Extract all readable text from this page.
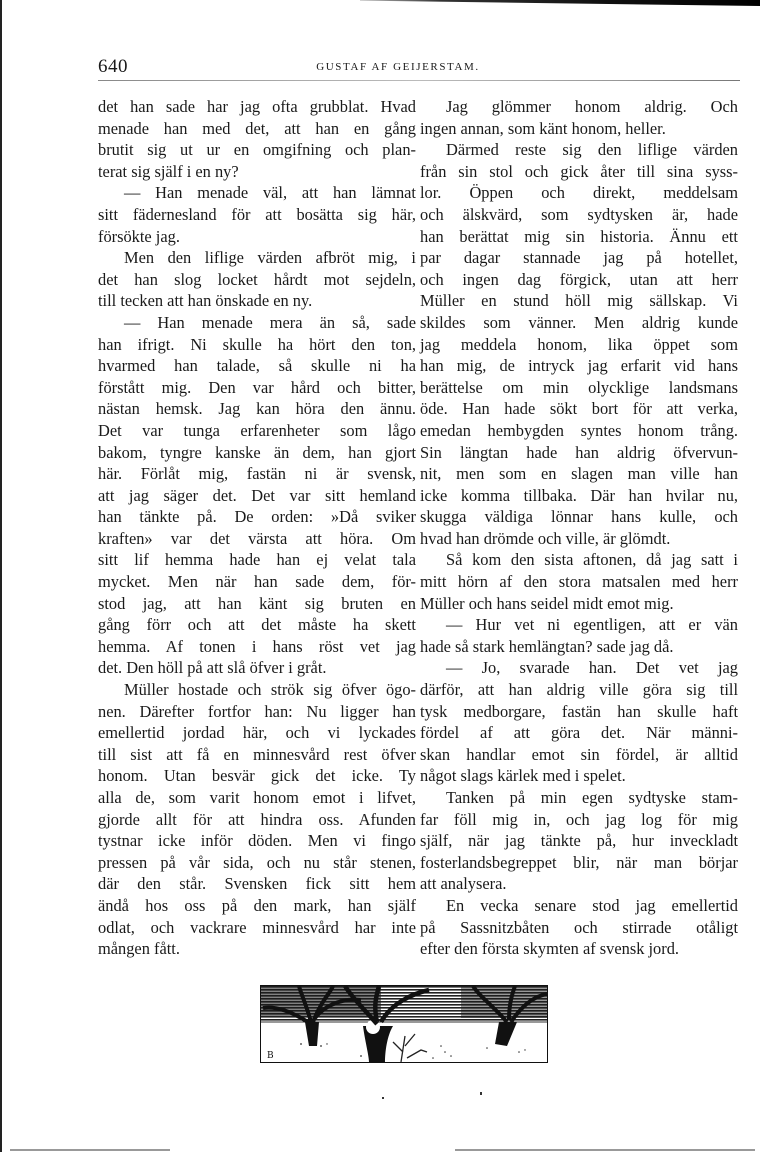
640	GUSTAF AF GEIJERSTAM.
det han sade har jag ofta grubblat. Hvad
menade han med det, att han en gång
brutit sig ut ur en omgifning och plan-
terat sig själf i en ny?
— Han menade väl, att han lämnat
sitt fädernesland för att bosätta sig här,
försökte jag.
Men den liflige värden afbröt mig, i
det han slog locket hårdt mot sejdeln,
till tecken att han önskade en ny.
— Han menade mera än så, sade
han ifrigt. Ni skulle ha hört den ton,
hvarmed han talade, så skulle ni ha
förstått mig. Den var hård och bitter,
nästan hemsk. Jag kan höra den ännu.
Det var tunga erfarenheter som lågo
bakom, tyngre kanske än dem, han gjort
här. Förlåt mig, fastän ni är svensk,
att jag säger det. Det var sitt hemland
han tänkte på. De orden: »Då sviker
kraften» var det värsta att höra. Om
sitt lif hemma hade han ej velat tala
mycket. Men när han sade dem, för-
stod jag, att han känt sig bruten en
gång förr och att det måste ha skett
hemma. Af tonen i hans röst vet jag
det. Den höll på att slå öfver i gråt.
Müller hostade och strök sig öfver ögo-
nen. Därefter fortfor han: Nu ligger han
emellertid jordad här, och vi lyckades
till sist att få en minnesvård rest öfver
honom. Utan besvär gick det icke. Ty
alla de, som varit honom emot i lifvet,
gjorde allt för att hindra oss. Afunden
tystnar icke inför döden. Men vi fingo
pressen på vår sida, och nu står stenen,
där den står. Svensken fick sitt hem
ändå hos oss på den mark, han själf
odlat, och vackrare minnesvård har inte
mången fått.
Jag glömmer honom aldrig. Och
ingen annan, som känt honom, heller.
Därmed reste sig den liflige värden
från sin stol och gick åter till sina syss-
lor. Öppen och direkt, meddelsam
och älskvärd, som sydtysken är, hade
han berättat mig sin historia. Ännu ett
par dagar stannade jag på hotellet,
och ingen dag förgick, utan att herr
Müller en stund höll mig sällskap. Vi
skildes som vänner. Men aldrig kunde
jag meddela honom, lika öppet som
han mig, de intryck jag erfarit vid hans
berättelse om min olycklige landsmans
öde. Han hade sökt bort för att verka,
emedan hembygden syntes honom trång.
Sin längtan hade han aldrig öfvervun-
nit, men som en slagen man ville han
icke komma tillbaka. Där han hvilar nu,
skugga väldiga lönnar hans kulle, och
hvad han drömde och ville, är glömdt.
Så kom den sista aftonen, då jag satt i
mitt hörn af den stora matsalen med herr
Müller och hans seidel midt emot mig.
— Hur vet ni egentligen, att er vän
hade så stark hemlängtan? sade jag då.
— Jo, svarade han. Det vet jag
därför, att han aldrig ville göra sig till
tysk medborgare, fastän han skulle haft
fördel af att göra det. När männi-
skan handlar emot sin fördel, är alltid
något slags kärlek med i spelet.
Tanken på min egen sydtyske stam-
far föll mig in, och jag log för mig
själf, när jag tänkte på, hur inveckladt
fosterlandsbegreppet blir, när man börjar
att analysera.
En vecka senare stod jag emellertid
på Sassnitzbåten och stirrade otåligt
efter den första skymten af svensk jord.
B
